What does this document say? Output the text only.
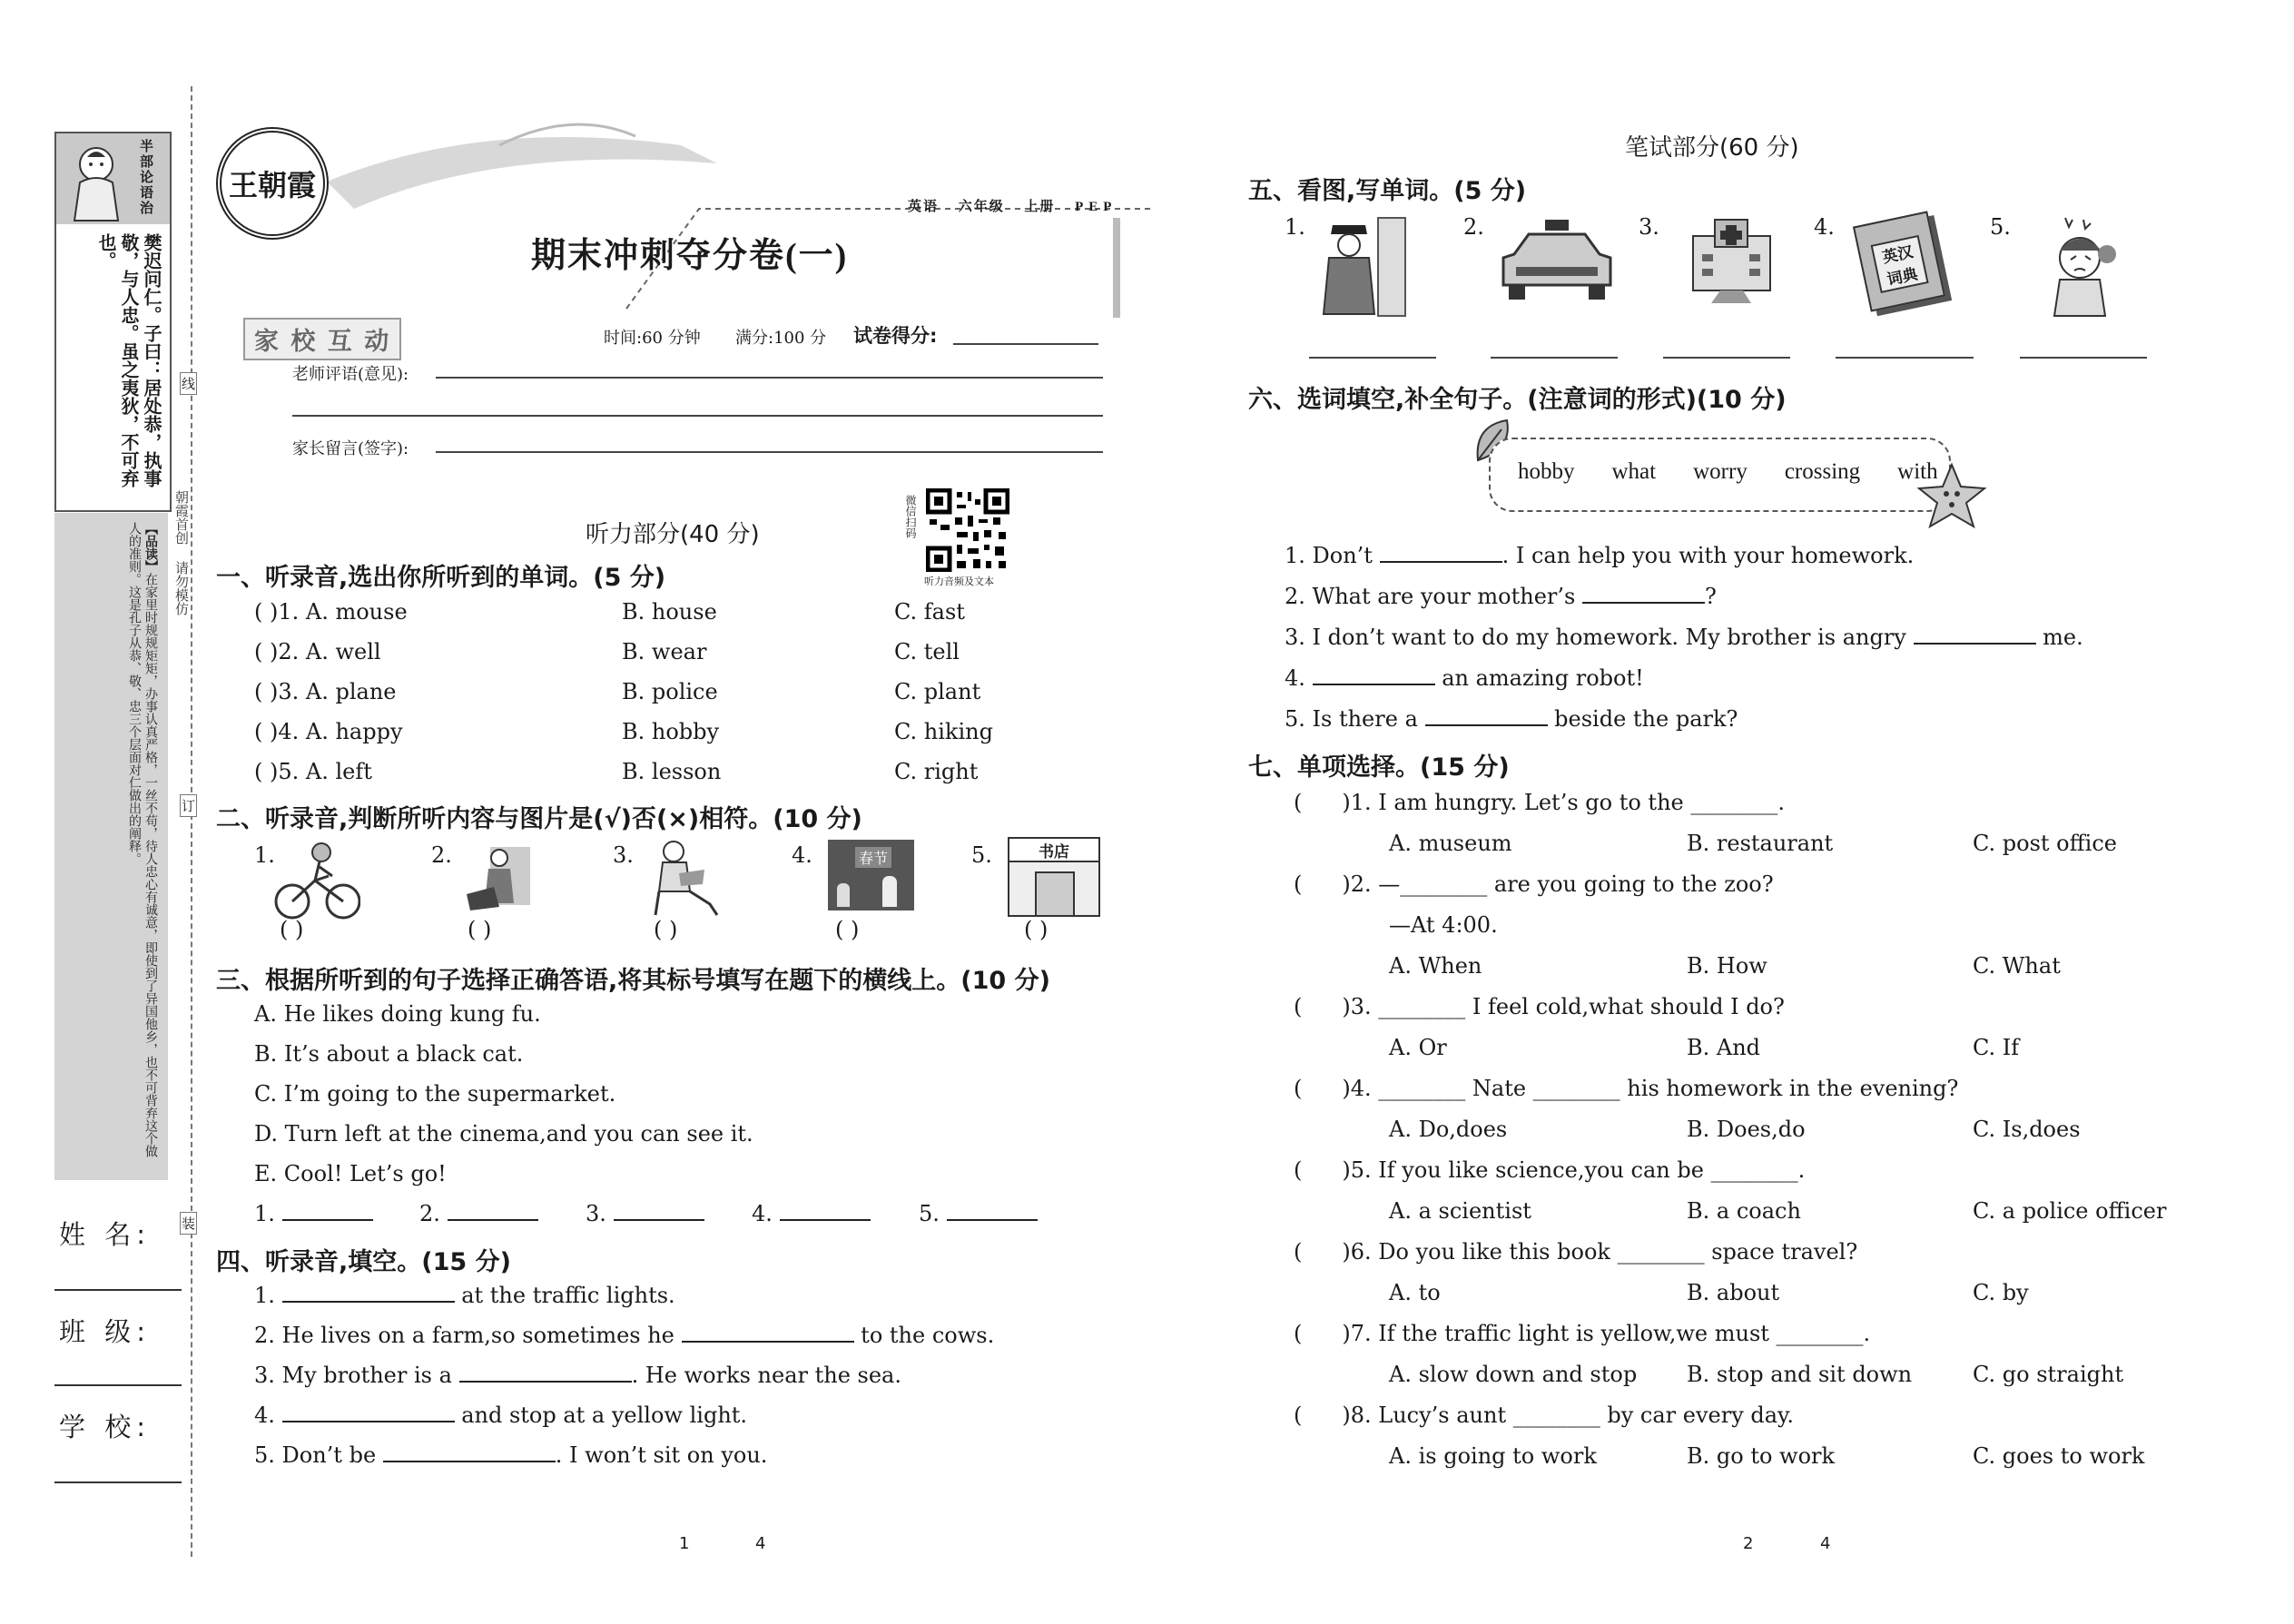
半
部
论
语
治
樊迟问仁。子曰：居处恭，执事敬，与人忠。虽之夷狄，不可弃也。
【品读】在家里时规规矩矩，办事认真严格，一丝不苟，待人忠心有诚意，即使到了异国他乡，也不可背弃这个做人的准则。这是孔子从恭、敬、忠三个层面对仁做出的阐释。
线
订
装
朝霞首创 请勿模仿
姓 名:
班 级:
学 校:
王朝霞
英语 六年级 上册 PEP
期末冲刺夺分卷(一)
家 校 互 动	时间:60 分钟 满分:100 分 试卷得分:
老师评语(意见):
家长留言(签字):
微信扫码
听力音频及文本
听力部分(40 分)
一、听录音,选出你所听到的单词。(5 分)
( )1. A. mouse	B. house	C. fast
( )2. A. well	B. wear	C. tell
( )3. A. plane	B. police	C. plant
( )4. A. happy	B. hobby	C. hiking
( )5. A. left	B. lesson	C. right
二、听录音,判断所听内容与图片是(√)否(×)相符。(10 分)
1.
( )
2.
( )
3.
( )
4.	春节
( )
5.	书店
( )
三、根据所听到的句子选择正确答语,将其标号填写在题下的横线上。(10 分)
A. He likes doing kung fu.
B. It’s about a black cat.
C. I’m going to the supermarket.
D. Turn left at the cinema,and you can see it.
E. Cool! Let’s go!
1.	2.	3.	4.	5.
四、听录音,填空。(15 分)
1.	at the traffic lights.
2. He lives on a farm,so sometimes he	to the cows.
3. My brother is a	. He works near the sea.
4.	and stop at a yellow light.
5. Don’t be	. I won’t sit on you.
笔试部分(60 分)
五、看图,写单词。(5 分)
1.	2.	3.	4.
英汉词典
5.
六、选词填空,补全句子。(注意词的形式)(10 分)
hobby what worry crossing with
1. Don’t	. I can help you with your homework.
2. What are your mother’s	?
3. I don’t want to do my homework. My brother is angry	me.
4.	an amazing robot!
5. Is there a	beside the park?
七、单项选择。(15 分)
( )1. I am hungry. Let’s go to the ________.
A. museum	B. restaurant	C. post office
( )2. —________ are you going to the zoo?
—At 4:00.
A. When	B. How	C. What
( )3. ________ I feel cold,what should I do?
A. Or	B. And	C. If
( )4. ________ Nate ________ his homework in the evening?
A. Do,does	B. Does,do	C. Is,does
( )5. If you like science,you can be ________.
A. a scientist	B. a coach	C. a police officer
( )6. Do you like this book ________ space travel?
A. to	B. about	C. by
( )7. If the traffic light is yellow,we must ________.
A. slow down and stop B. stop and sit down	C. go straight
( )8. Lucy’s aunt ________ by car every day.
A. is going to work	B. go to work	C. goes to work
1	4	2	4
